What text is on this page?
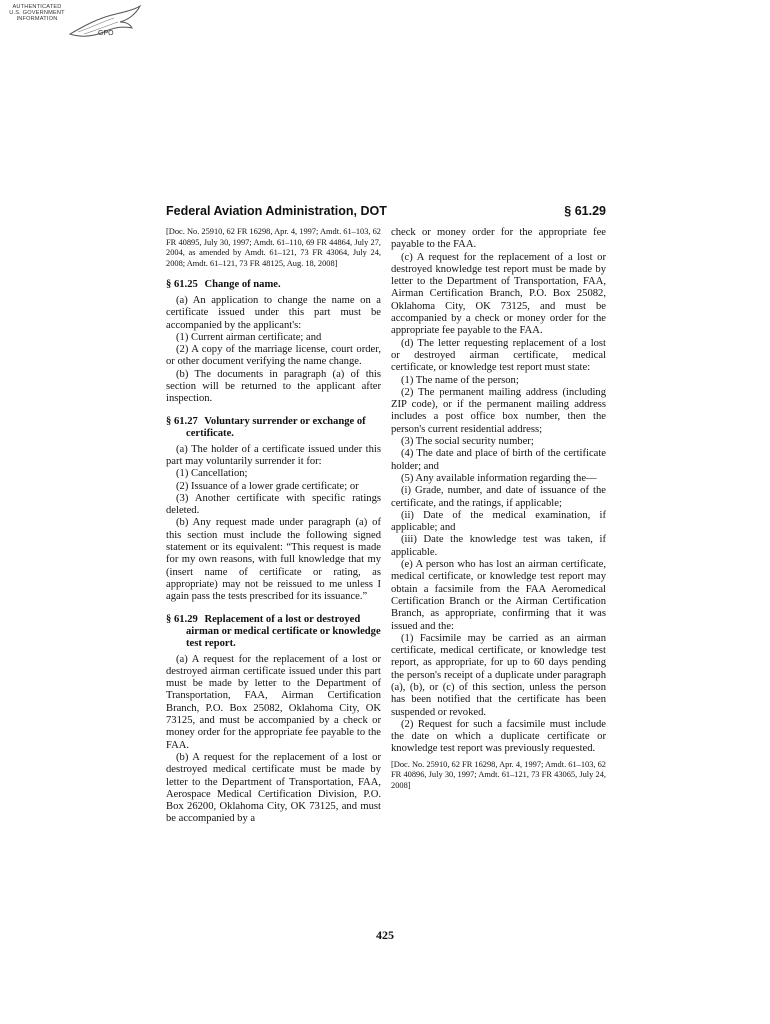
AUTHENTICATED
U.S. GOVERNMENT
INFORMATION
GPO
Federal Aviation Administration, DOT	§ 61.29

[Doc. No. 25910, 62 FR 16298, Apr. 4, 1997; Amdt. 61–103, 62 FR 40895, July 30, 1997; Amdt. 61–110, 69 FR 44864, July 27, 2004, as amended by Amdt. 61–121, 73 FR 43064, July 24, 2008; Amdt. 61–121, 73 FR 48125, Aug. 18, 2008]

§ 61.25 Change of name.

(a) An application to change the name on a certificate issued under this part must be accompanied by the applicant's:

(1) Current airman certificate; and

(2) A copy of the marriage license, court order, or other document verifying the name change.

(b) The documents in paragraph (a) of this section will be returned to the applicant after inspection.

§ 61.27 Voluntary surrender or exchange of certificate.

(a) The holder of a certificate issued under this part may voluntarily surrender it for:

(1) Cancellation;

(2) Issuance of a lower grade certificate; or

(3) Another certificate with specific ratings deleted.

(b) Any request made under paragraph (a) of this section must include the following signed statement or its equivalent: “This request is made for my own reasons, with full knowledge that my (insert name of certificate or rating, as appropriate) may not be reissued to me unless I again pass the tests prescribed for its issuance.”

§ 61.29 Replacement of a lost or destroyed airman or medical certificate or knowledge test report.

(a) A request for the replacement of a lost or destroyed airman certificate issued under this part must be made by letter to the Department of Transportation, FAA, Airman Certification Branch, P.O. Box 25082, Oklahoma City, OK 73125, and must be accompanied by a check or money order for the appropriate fee payable to the FAA.

(b) A request for the replacement of a lost or destroyed medical certificate must be made by letter to the Department of Transportation, FAA, Aerospace Medical Certification Division, P.O. Box 26200, Oklahoma City, OK 73125, and must be accompanied by a

check or money order for the appropriate fee payable to the FAA.

(c) A request for the replacement of a lost or destroyed knowledge test report must be made by letter to the Department of Transportation, FAA, Airman Certification Branch, P.O. Box 25082, Oklahoma City, OK 73125, and must be accompanied by a check or money order for the appropriate fee payable to the FAA.

(d) The letter requesting replacement of a lost or destroyed airman certificate, medical certificate, or knowledge test report must state:

(1) The name of the person;

(2) The permanent mailing address (including ZIP code), or if the permanent mailing address includes a post office box number, then the person's current residential address;

(3) The social security number;

(4) The date and place of birth of the certificate holder; and

(5) Any available information regarding the—

(i) Grade, number, and date of issuance of the certificate, and the ratings, if applicable;

(ii) Date of the medical examination, if applicable; and

(iii) Date the knowledge test was taken, if applicable.

(e) A person who has lost an airman certificate, medical certificate, or knowledge test report may obtain a facsimile from the FAA Aeromedical Certification Branch or the Airman Certification Branch, as appropriate, confirming that it was issued and the:

(1) Facsimile may be carried as an airman certificate, medical certificate, or knowledge test report, as appropriate, for up to 60 days pending the person's receipt of a duplicate under paragraph (a), (b), or (c) of this section, unless the person has been notified that the certificate has been suspended or revoked.

(2) Request for such a facsimile must include the date on which a duplicate certificate or knowledge test report was previously requested.

[Doc. No. 25910, 62 FR 16298, Apr. 4, 1997; Amdt. 61–103, 62 FR 40896, July 30, 1997; Amdt. 61–121, 73 FR 43065, July 24, 2008]

425
